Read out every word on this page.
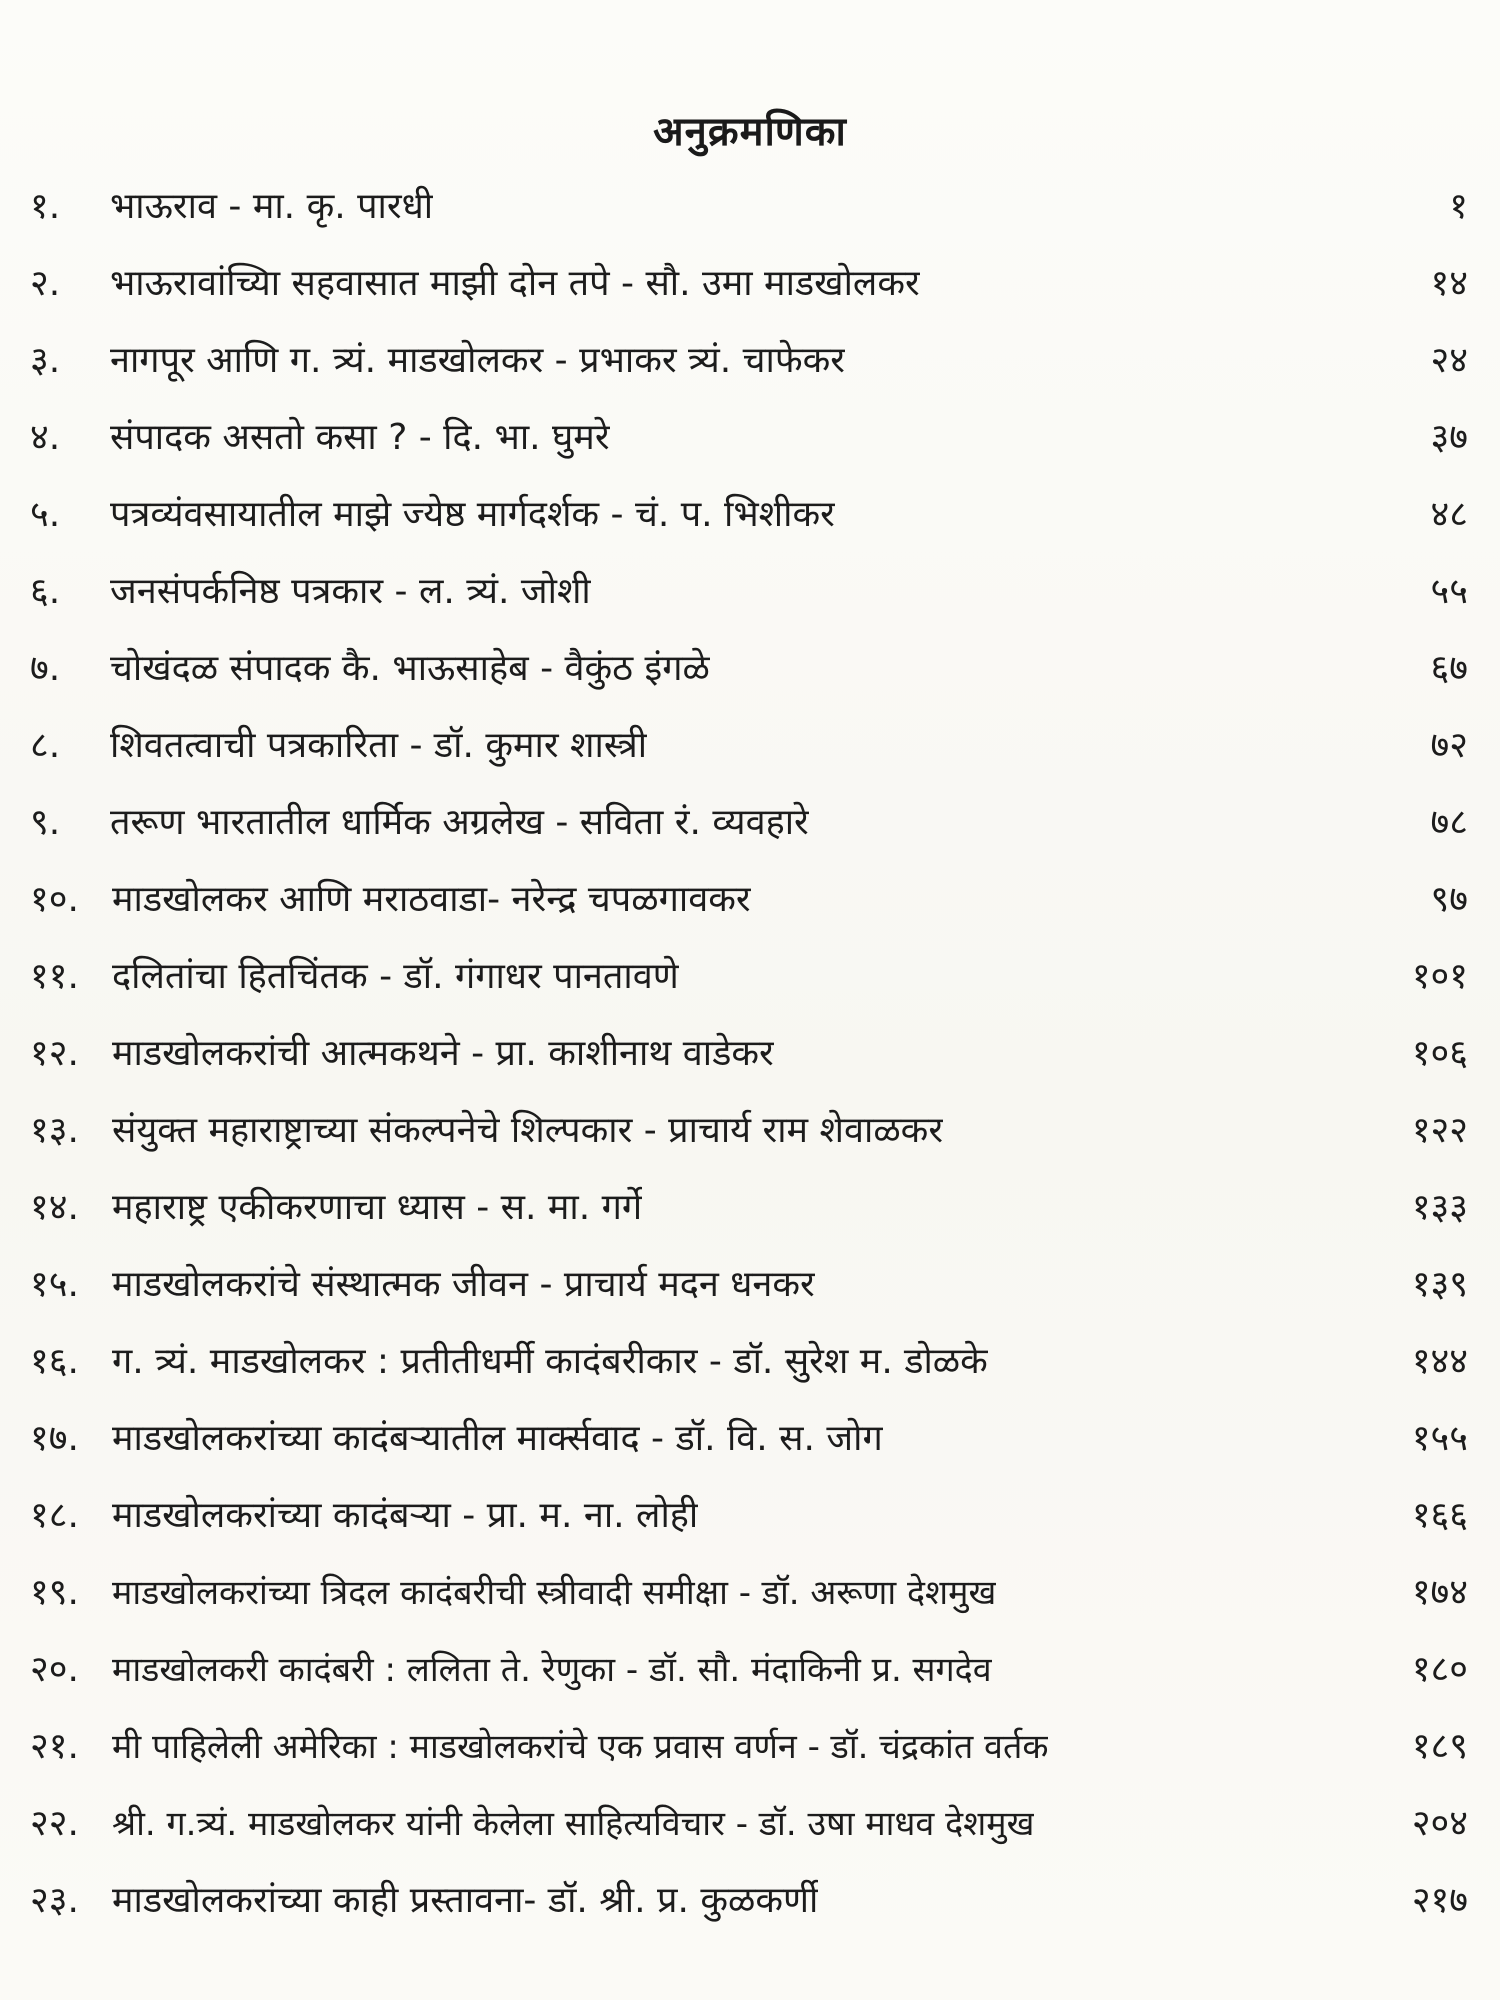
अनुक्रमणिका
१. भाऊराव - मा. कृ. पारधी	१
२. भाऊरावांच्यिा सहवासात माझी दोन तपे - सौ. उमा माडखोलकर	१४
३. नागपूर आणि ग. त्र्यं. माडखोलकर - प्रभाकर त्र्यं. चाफेकर	२४
४. संपादक असतो कसा ? - दि. भा. घुमरे	३७
५. पत्रव्यंवसायातील माझे ज्येष्ठ मार्गदर्शक - चं. प. भिशीकर	४८
६. जनसंपर्कनिष्ठ पत्रकार - ल. त्र्यं. जोशी	५५
७. चोखंदळ संपादक कै. भाऊसाहेब - वैकुंठ इंगळे	६७
८. शिवतत्वाची पत्रकारिता - डॉ. कुमार शास्त्री	७२
९. तरूण भारतातील धार्मिक अग्रलेख - सविता रं. व्यवहारे	७८
१०. माडखोलकर आणि मराठवाडा- नरेन्द्र चपळगावकर	९७
११. दलितांचा हितचिंतक - डॉ. गंगाधर पानतावणे	१०१
१२. माडखोलकरांची आत्मकथने - प्रा. काशीनाथ वाडेकर	१०६
१३. संयुक्त महाराष्ट्राच्या संकल्पनेचे शिल्पकार - प्राचार्य राम शेवाळकर	१२२
१४. महाराष्ट्र एकीकरणाचा ध्यास - स. मा. गर्गे	१३३
१५. माडखोलकरांचे संस्थात्मक जीवन - प्राचार्य मदन धनकर	१३९
१६. ग. त्र्यं. माडखोलकर : प्रतीतीधर्मी कादंबरीकार - डॉ. सुरेश म. डोळके	१४४
१७. माडखोलकरांच्या कादंबऱ्यातील मार्क्सवाद - डॉ. वि. स. जोग	१५५
१८. माडखोलकरांच्या कादंबऱ्या - प्रा. म. ना. लोही	१६६
१९. माडखोलकरांच्या त्रिदल कादंबरीची स्त्रीवादी समीक्षा - डॉ. अरूणा देशमुख	१७४
२०. माडखोलकरी कादंबरी : ललिता ते. रेणुका - डॉ. सौ. मंदाकिनी प्र. सगदेव	१८०
२१. मी पाहिलेली अमेरिका : माडखोलकरांचे एक प्रवास वर्णन - डॉ. चंद्रकांत वर्तक	१८९
२२. श्री. ग.त्र्यं. माडखोलकर यांनी केलेला साहित्यविचार - डॉ. उषा माधव देशमुख	२०४
२३. माडखोलकरांच्या काही प्रस्तावना- डॉ. श्री. प्र. कुळकर्णी	२१७
